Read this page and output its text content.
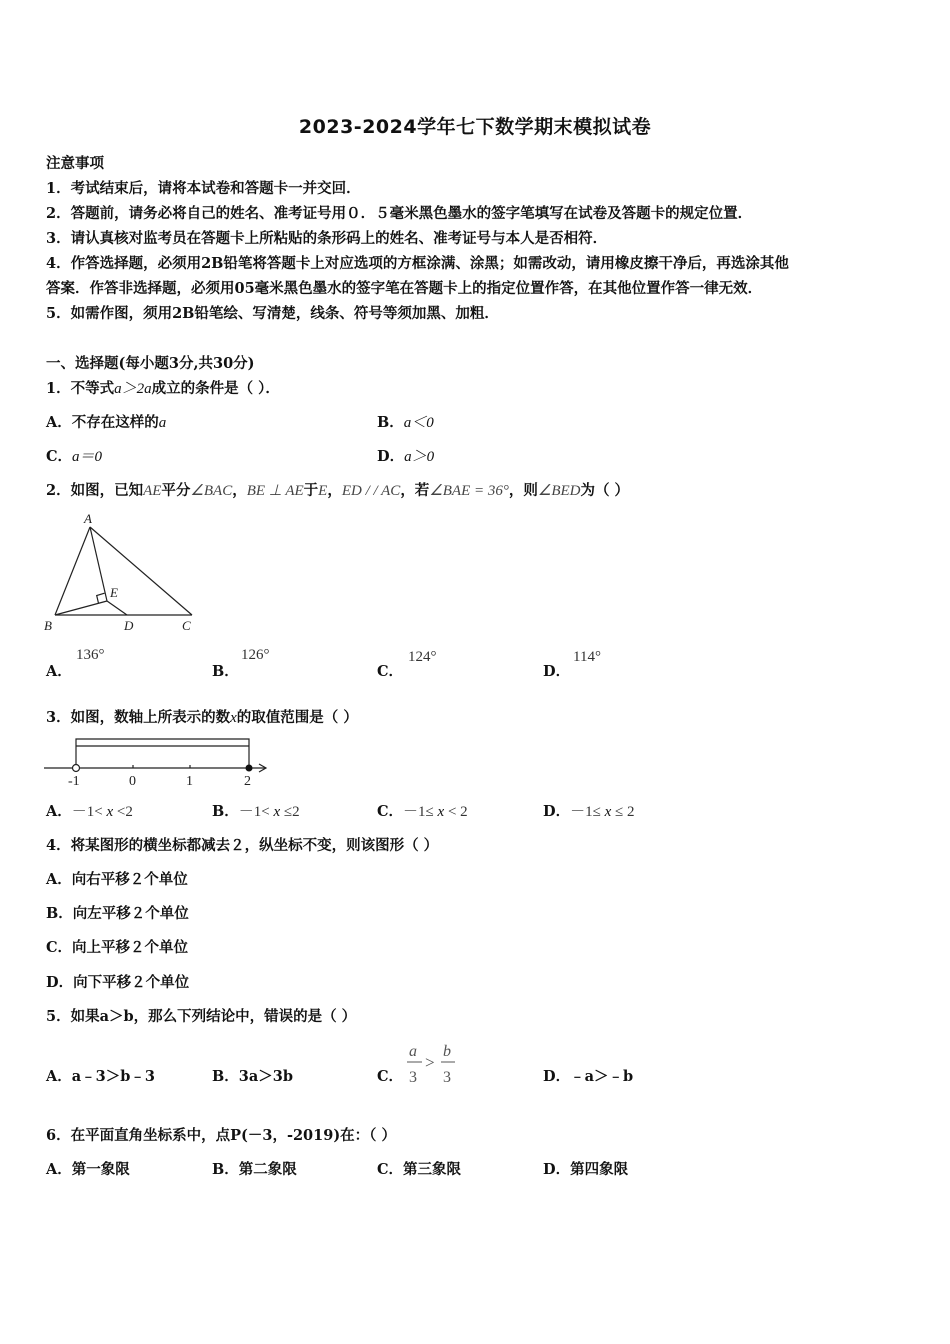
2023-2024学年七下数学期末模拟试卷
注意事项
1．考试结束后，请将本试卷和答题卡一并交回．
2．答题前，请务必将自己的姓名、准考证号用０．５毫米黑色墨水的签字笔填写在试卷及答题卡的规定位置．
3．请认真核对监考员在答题卡上所粘贴的条形码上的姓名、准考证号与本人是否相符．
4．作答选择题，必须用2B铅笔将答题卡上对应选项的方框涂满、涂黑；如需改动，请用橡皮擦干净后，再选涂其他
答案．作答非选择题，必须用05毫米黑色墨水的签字笔在答题卡上的指定位置作答，在其他位置作答一律无效．
5．如需作图，须用2B铅笔绘、写清楚，线条、符号等须加黑、加粗．
一、选择题(每小题3分,共30分)
1．不等式a＞2a成立的条件是（ ）．
A．不存在这样的a	B．a＜0
C．a＝0	D．a＞0
2．如图，已知AE平分∠BAC，BE ⊥ AE于E，ED / / AC，若∠BAE = 36°，则∠BED为（ ）
A
B	D	C
E
A．
136°
B．
126°
C．
124°
D．
114°
3．如图，数轴上所表示的数x的取值范围是（ ）
-1	0	1	2
A．－1< x <2	B．－1< x ≤2	C．－1≤ x < 2	D．－1≤ x ≤ 2
4．将某图形的横坐标都减去２，纵坐标不变，则该图形（ ）
A．向右平移２个单位
B．向左平移２个单位
C．向上平移２个单位
D．向下平移２个单位
5．如果a＞b，那么下列结论中，错误的是（ ）
A．a﹣3＞b﹣3	B．3a＞3b	C．
a
3
>
b
3	D．﹣a＞﹣b
6．在平面直角坐标系中，点P(－3，-2019)在：（ ）
A．第一象限	B．第二象限	C．第三象限	D．第四象限
